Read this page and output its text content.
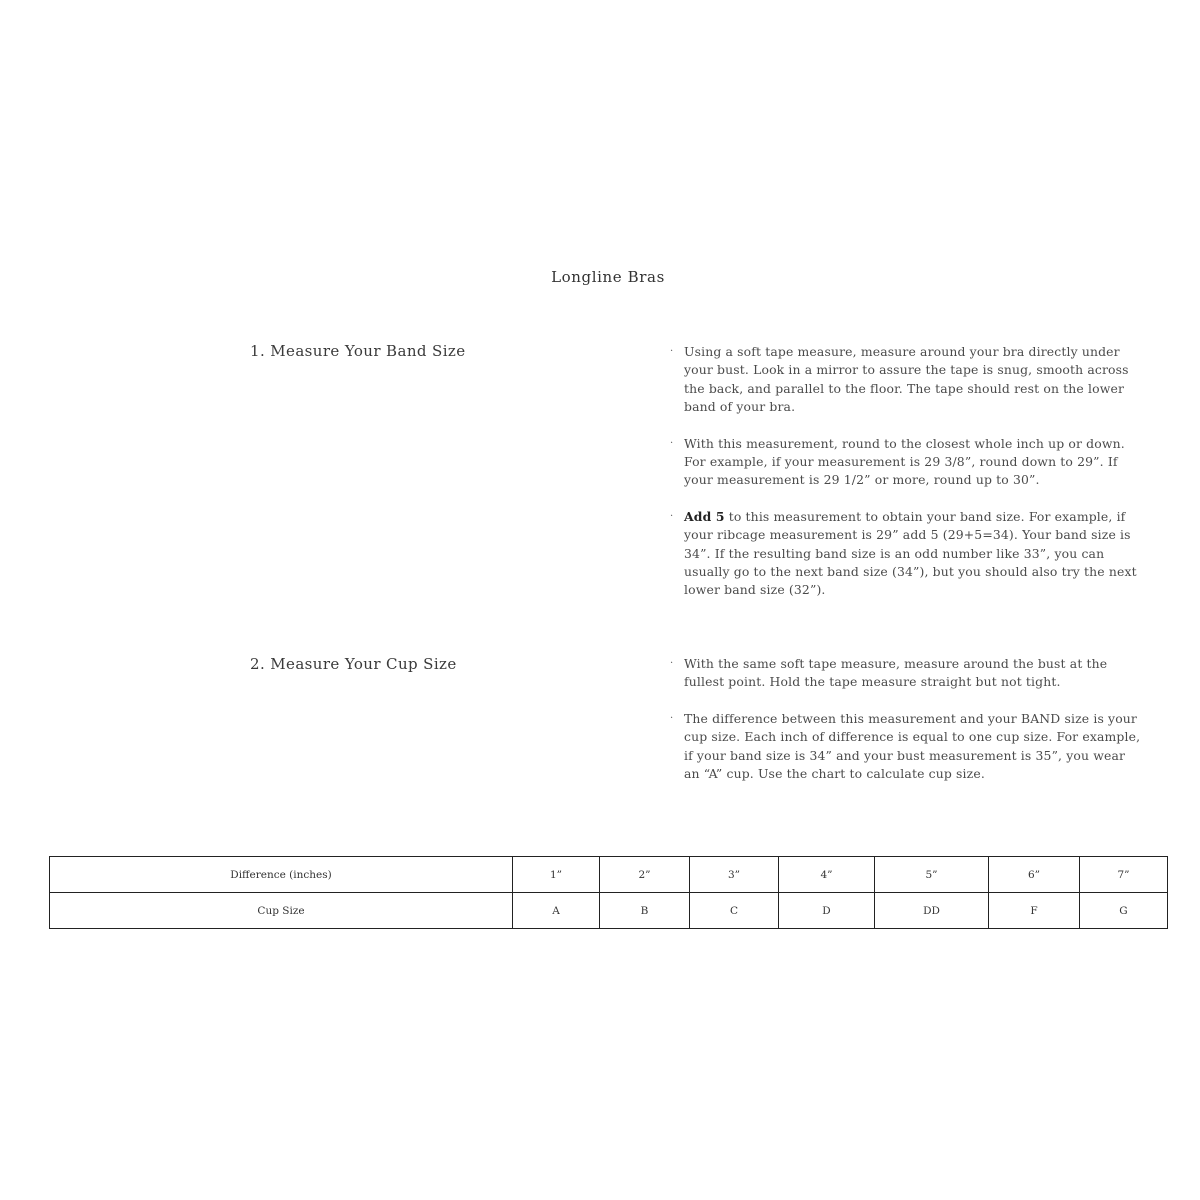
Longline Bras
1. Measure Your Band Size	· Using a soft tape measure, measure around your bra directly under your bust. Look in a mirror to assure the tape is snug, smooth across the back, and parallel to the floor. The tape should rest on the lower band of your bra.
· With this measurement, round to the closest whole inch up or down. For example, if your measurement is 29 3/8”, round down to 29”. If your measurement is 29 1/2” or more, round up to 30”.
· Add 5 to this measurement to obtain your band size. For example, if your ribcage measurement is 29” add 5 (29+5=34). Your band size is 34”. If the resulting band size is an odd number like 33”, you can usually go to the next band size (34”), but you should also try the next lower band size (32”).
2. Measure Your Cup Size	· With the same soft tape measure, measure around the bust at the fullest point. Hold the tape measure straight but not tight.
· The difference between this measurement and your BAND size is your cup size. Each inch of difference is equal to one cup size. For example, if your band size is 34” and your bust measurement is 35”, you wear an “A” cup. Use the chart to calculate cup size.
Difference (inches)	1”	2”	3”	4”	5”	6”	7”
Cup Size	A	B	C	D	DD	F	G
